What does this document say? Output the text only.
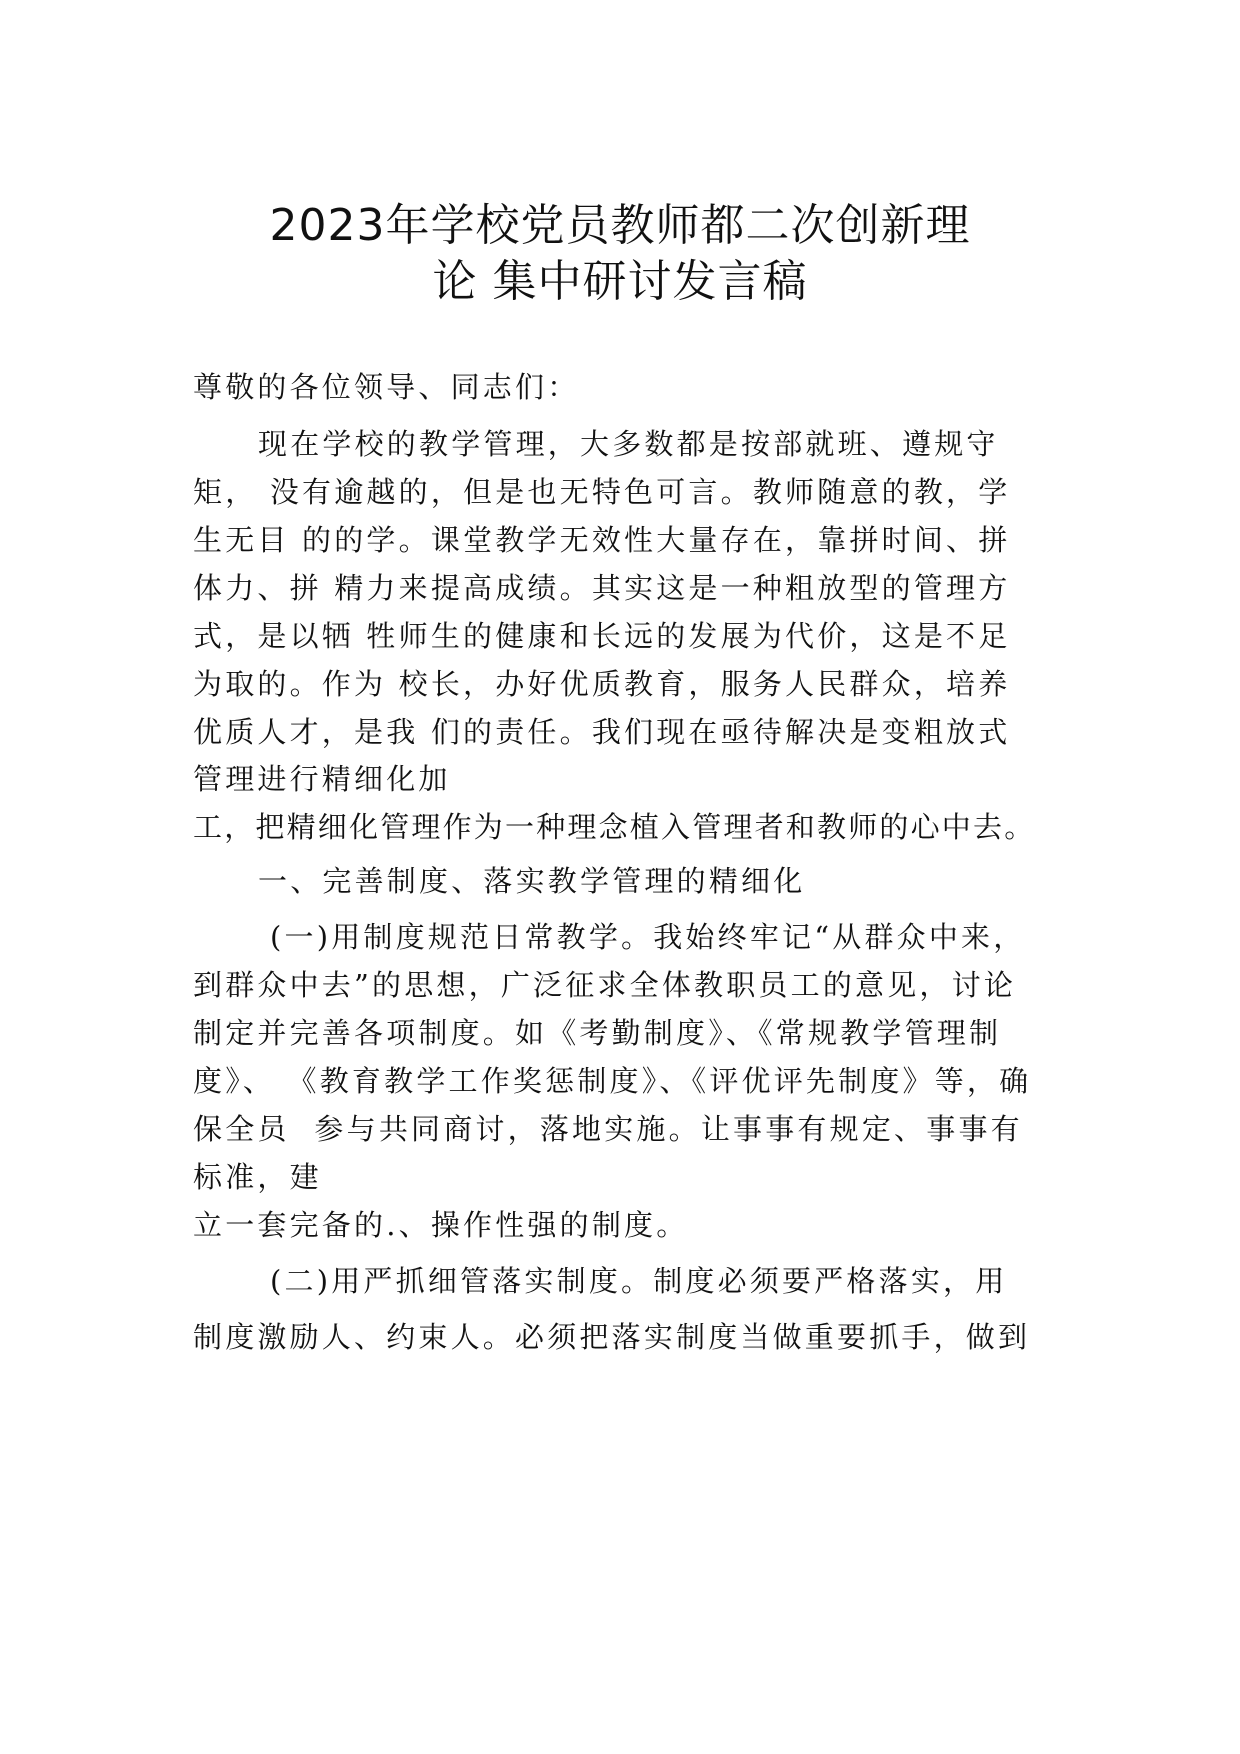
2023年学校党员教师都二次创新理
论 集中研讨发言稿
尊敬的各位领导、同志们：
现在学校的教学管理，大多数都是按部就班、遵规守
矩， 没有逾越的，但是也无特色可言。教师随意的教，学
生无目 的的学。课堂教学无效性大量存在，靠拼时间、拼
体力、拼 精力来提高成绩。其实这是一种粗放型的管理方
式，是以牺 牲师生的健康和长远的发展为代价，这是不足
为取的。作为 校长，办好优质教育，服务人民群众，培养
优质人才，是我 们的责任。我们现在亟待解决是变粗放式
管理进行精细化加
工，把精细化管理作为一种理念植入管理者和教师的心中去。
一、完善制度、落实教学管理的精细化
(一)用制度规范日常教学。我始终牢记“从群众中来，
到群众中去”的思想，广泛征求全体教职员工的意见，讨论
制定并完善各项制度。如《考勤制度》、《常规教学管理制
度》、 《教育教学工作奖惩制度》、《评优评先制度》等，确
保全员  参与共同商讨，落地实施。让事事有规定、事事有
标准，建
立一套完备的.、操作性强的制度。
(二)用严抓细管落实制度。制度必须要严格落实，用
制度激励人、约束人。必须把落实制度当做重要抓手，做到
